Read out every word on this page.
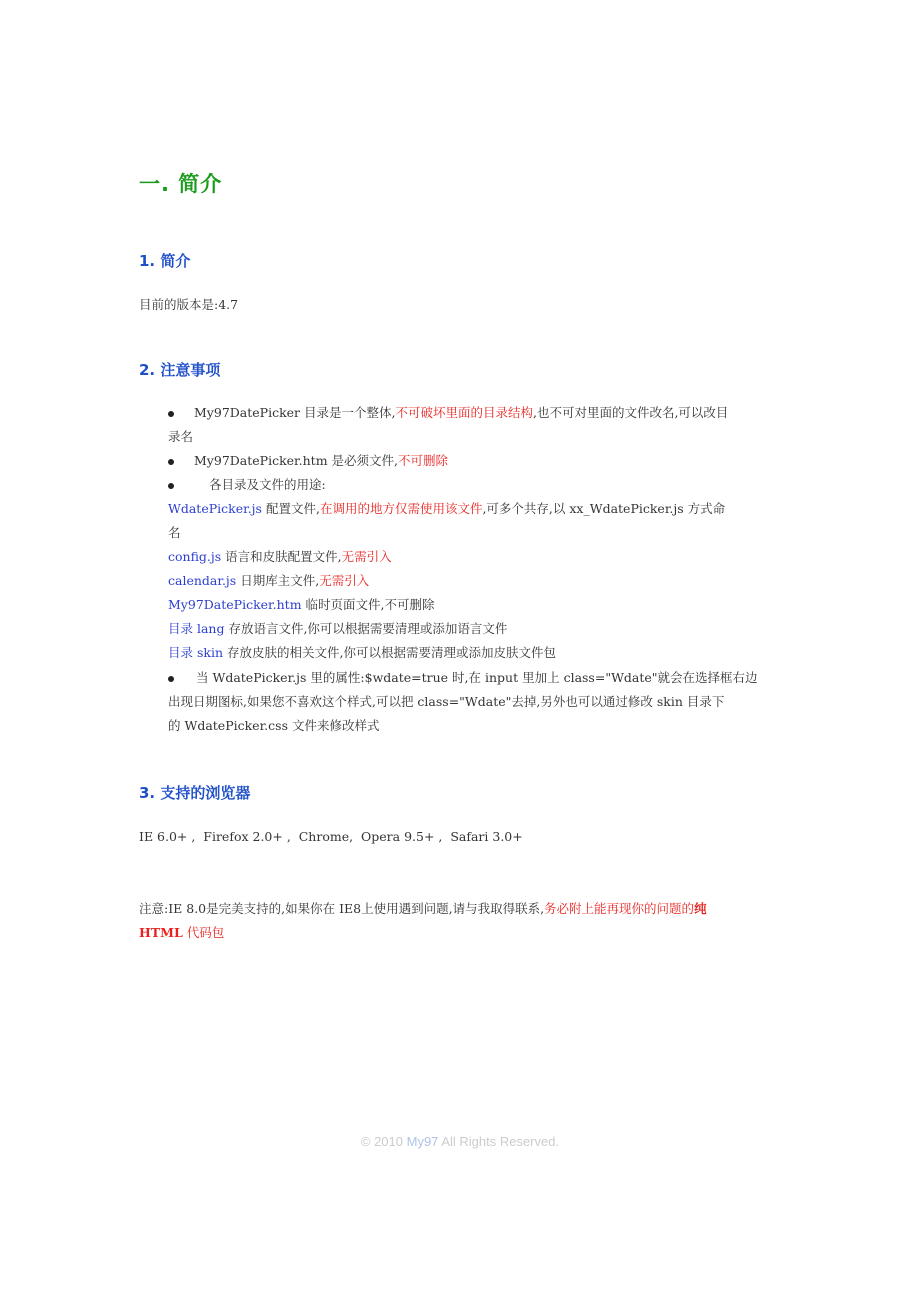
一. 简介
1. 简介
目前的版本是:4.7
2. 注意事项
My97DatePicker 目录是一个整体,不可破坏里面的目录结构,也不可对里面的文件改名,可以改目
录名
My97DatePicker.htm 是必须文件,不可删除
各目录及文件的用途:
WdatePicker.js 配置文件,在调用的地方仅需使用该文件,可多个共存,以 xx_WdatePicker.js 方式命
名
config.js 语言和皮肤配置文件,无需引入
calendar.js 日期库主文件,无需引入
My97DatePicker.htm 临时页面文件,不可删除
目录 lang 存放语言文件,你可以根据需要清理或添加语言文件
目录 skin 存放皮肤的相关文件,你可以根据需要清理或添加皮肤文件包
当 WdatePicker.js 里的属性:$wdate=true 时,在 input 里加上 class="Wdate"就会在选择框右边
出现日期图标,如果您不喜欢这个样式,可以把 class="Wdate"去掉,另外也可以通过修改 skin 目录下
的 WdatePicker.css 文件来修改样式
3. 支持的浏览器
IE 6.0+ ,  Firefox 2.0+ ,  Chrome,  Opera 9.5+ ,  Safari 3.0+
注意:IE 8.0是完美支持的,如果你在 IE8上使用遇到问题,请与我取得联系,务必附上能再现你的问题的纯
HTML 代码包
© 2010 My97 All Rights Reserved.
